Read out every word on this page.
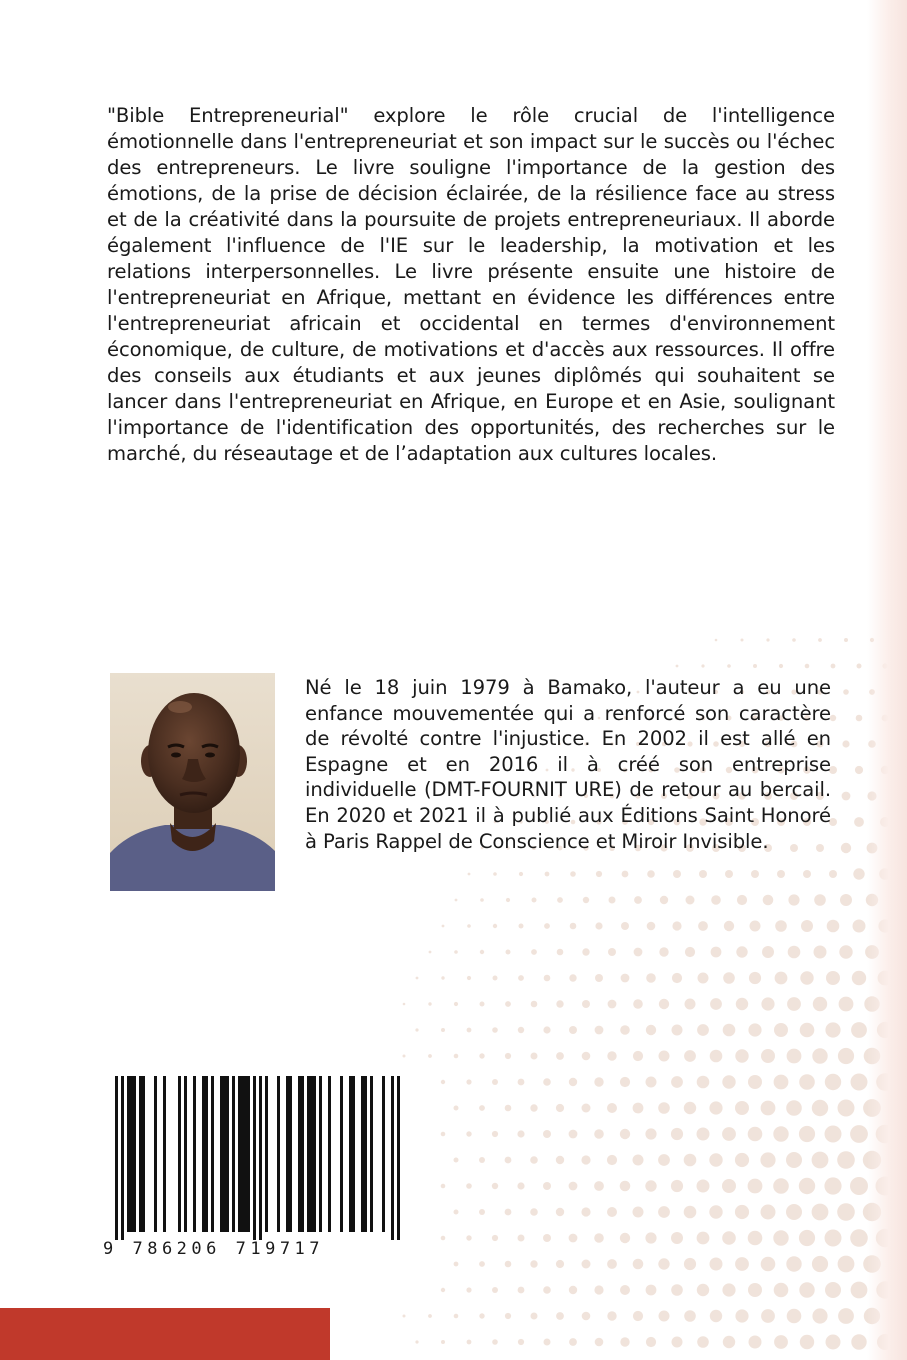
"Bible Entrepreneurial" explore le rôle crucial de l'intelligence émotionnelle dans l'entrepreneuriat et son impact sur le succès ou l'échec des entrepreneurs. Le livre souligne l'importance de la gestion des émotions, de la prise de décision éclairée, de la résilience face au stress et de la créativité dans la poursuite de projets entrepreneuriaux. Il aborde également l'influence de l'IE sur le leadership, la motivation et les relations interpersonnelles. Le livre présente ensuite une histoire de l'entrepreneuriat en Afrique, mettant en évidence les différences entre l'entrepreneuriat africain et occidental en termes d'environnement économique, de culture, de motivations et d'accès aux ressources. Il offre des conseils aux étudiants et aux jeunes diplômés qui souhaitent se lancer dans l'entrepreneuriat en Afrique, en Europe et en Asie, soulignant l'importance de l'identification des opportunités, des recherches sur le marché, du réseautage et de l’adaptation aux cultures locales.

Né le 18 juin 1979 à Bamako, l'auteur a eu une enfance mouvementée qui a renforcé son caractère de révolté contre l'injustice. En 2002 il est allé en Espagne et en 2016 il à créé son entreprise individuelle (DMT-FOURNIT URE) de retour au bercail. En 2020 et 2021 il à publié aux Éditions Saint Honoré à Paris Rappel de Conscience et Miroir Invisible.

9 786206 719717
